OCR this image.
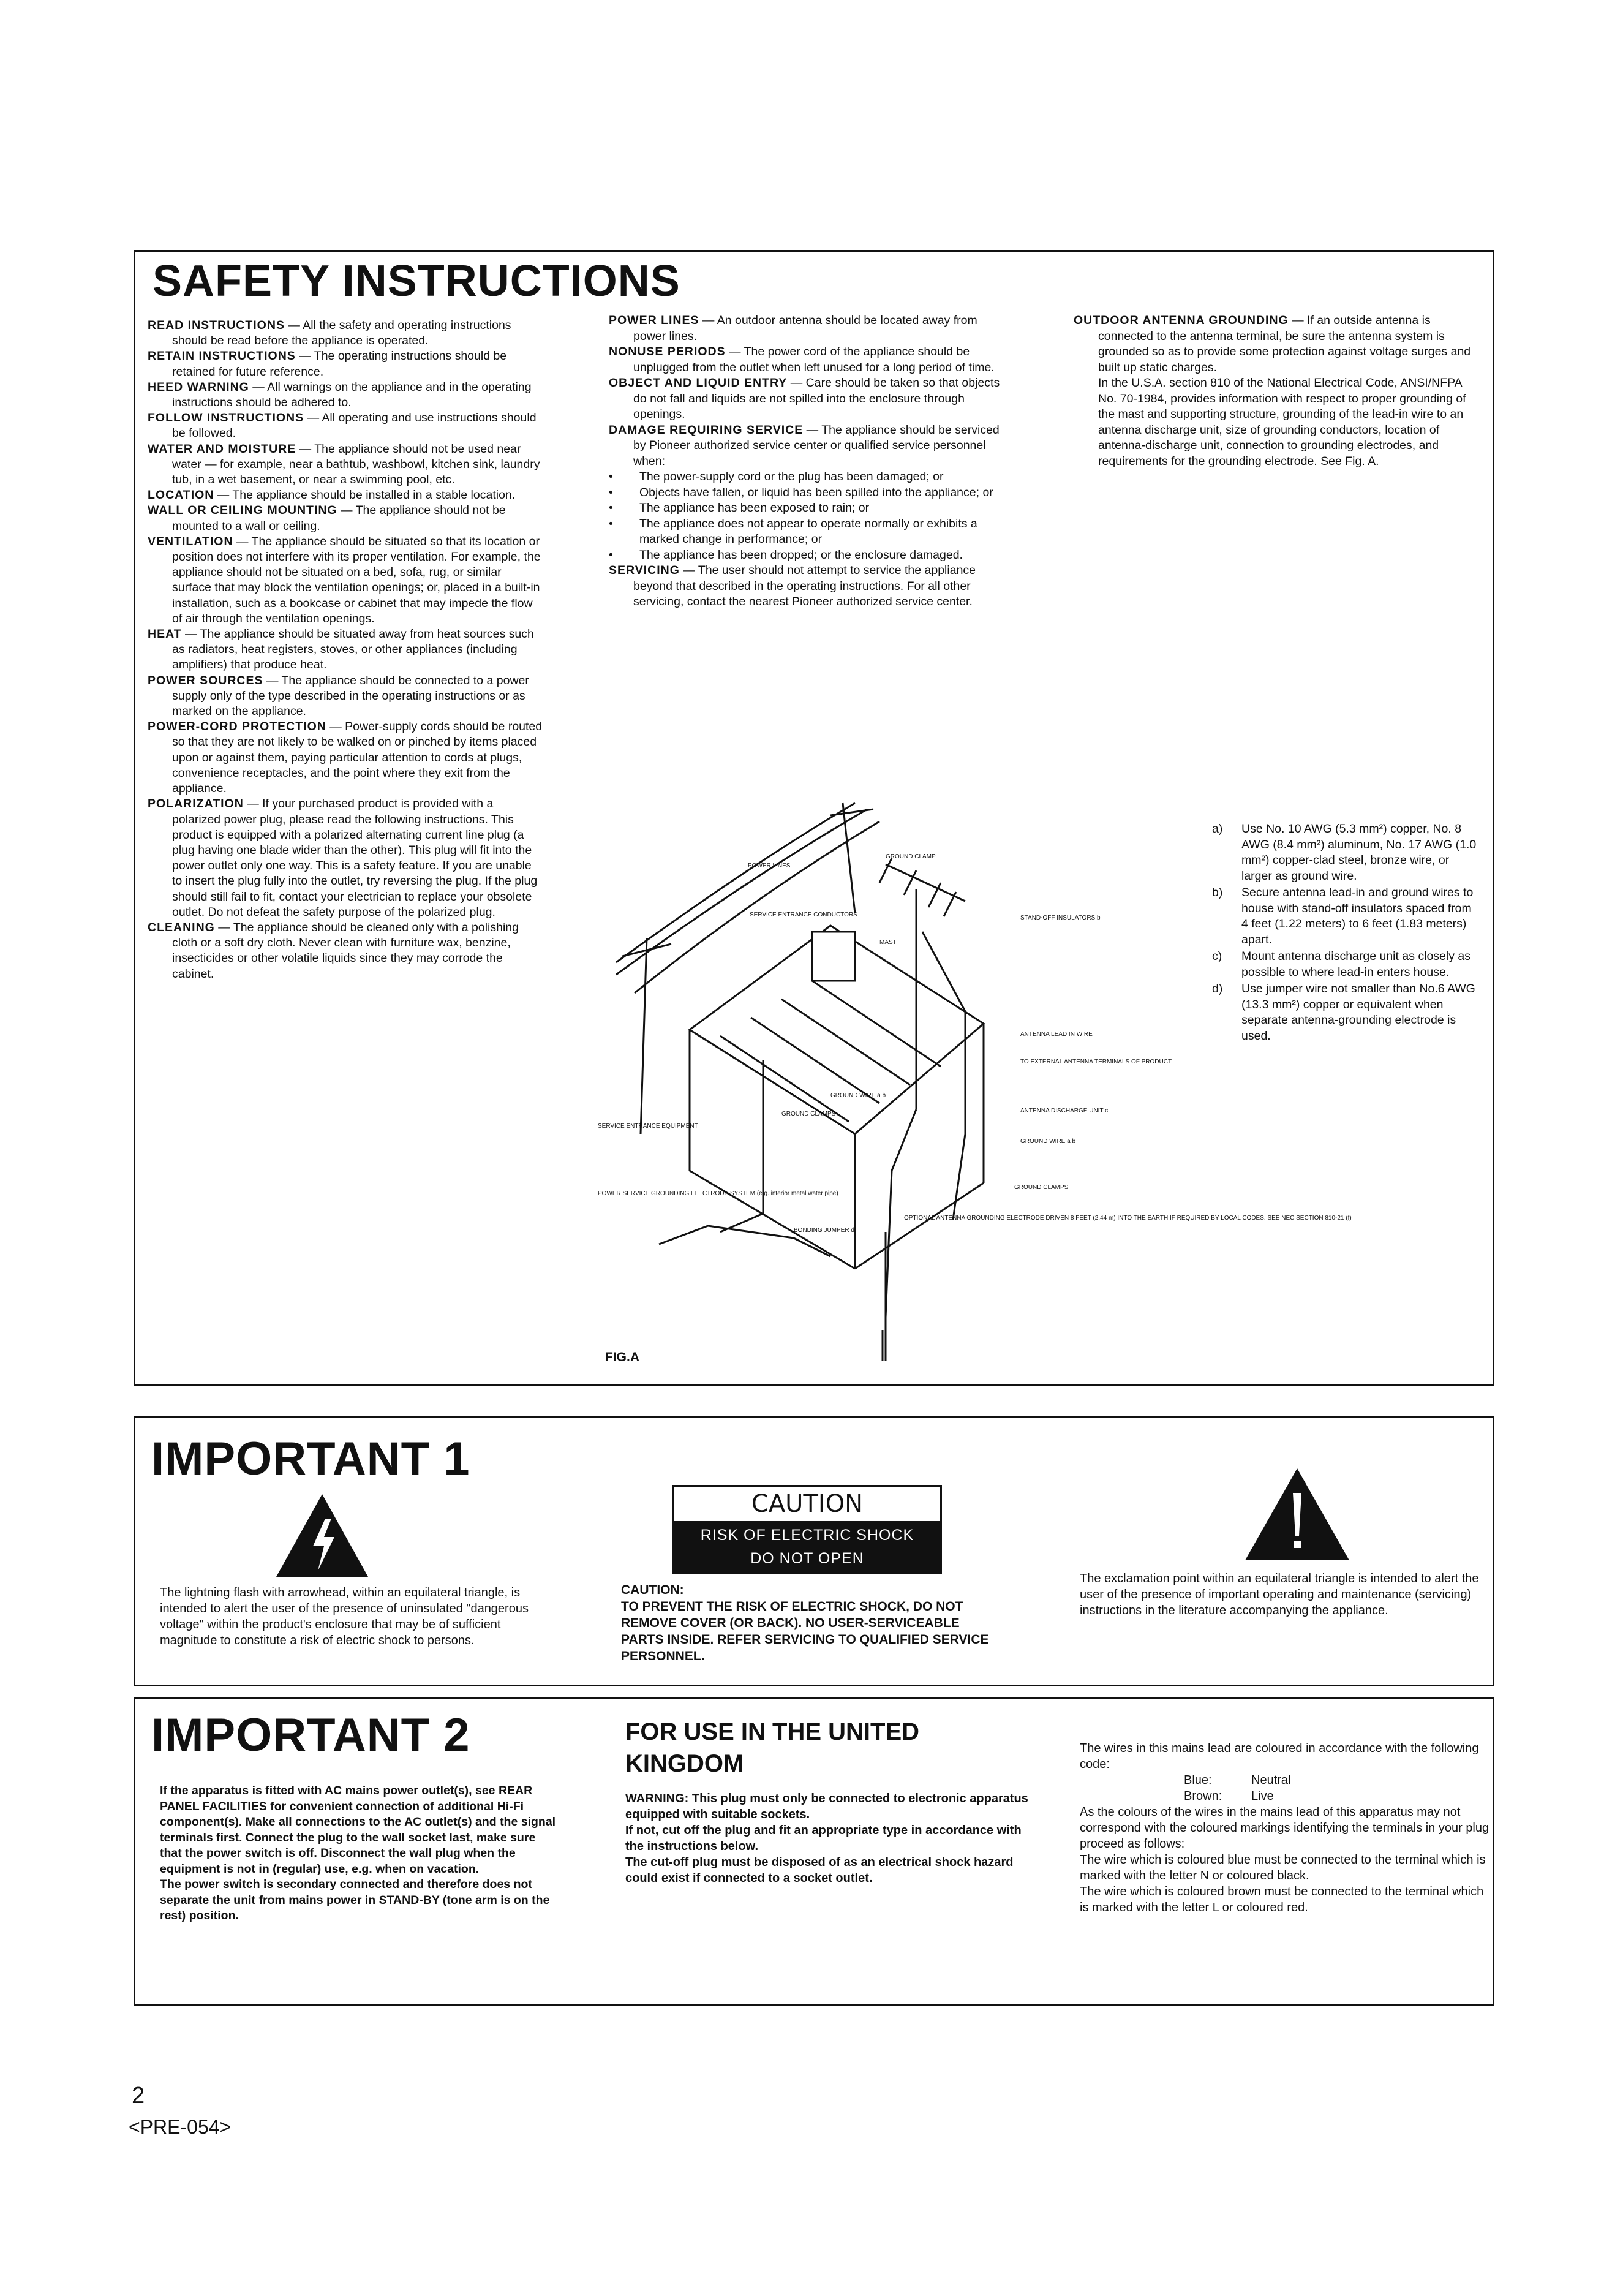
SAFETY INSTRUCTIONS

READ INSTRUCTIONS — All the safety and operating instructions should be read before the appliance is operated.

RETAIN INSTRUCTIONS — The operating instructions should be retained for future reference.

HEED WARNING — All warnings on the appliance and in the operating instructions should be adhered to.

FOLLOW INSTRUCTIONS — All operating and use instructions should be followed.

WATER AND MOISTURE — The appliance should not be used near water — for example, near a bathtub, washbowl, kitchen sink, laundry tub, in a wet basement, or near a swimming pool, etc.

LOCATION — The appliance should be installed in a stable location.

WALL OR CEILING MOUNTING — The appliance should not be mounted to a wall or ceiling.

VENTILATION — The appliance should be situated so that its location or position does not interfere with its proper ventilation. For example, the appliance should not be situated on a bed, sofa, rug, or similar surface that may block the ventilation openings; or, placed in a built-in installation, such as a bookcase or cabinet that may impede the flow of air through the ventilation openings.

HEAT — The appliance should be situated away from heat sources such as radiators, heat registers, stoves, or other appliances (including amplifiers) that produce heat.

POWER SOURCES — The appliance should be connected to a power supply only of the type described in the operating instructions or as marked on the appliance.

POWER-CORD PROTECTION — Power-supply cords should be routed so that they are not likely to be walked on or pinched by items placed upon or against them, paying particular attention to cords at plugs, convenience receptacles, and the point where they exit from the appliance.

POLARIZATION — If your purchased product is provided with a polarized power plug, please read the following instructions. This product is equipped with a polarized alternating current line plug (a plug having one blade wider than the other). This plug will fit into the power outlet only one way. This is a safety feature. If you are unable to insert the plug fully into the outlet, try reversing the plug. If the plug should still fail to fit, contact your electrician to replace your obsolete outlet. Do not defeat the safety purpose of the polarized plug.

CLEANING — The appliance should be cleaned only with a polishing cloth or a soft dry cloth. Never clean with furniture wax, benzine, insecticides or other volatile liquids since they may corrode the cabinet.

POWER LINES — An outdoor antenna should be located away from power lines.

NONUSE PERIODS — The power cord of the appliance should be unplugged from the outlet when left unused for a long period of time.

OBJECT AND LIQUID ENTRY — Care should be taken so that objects do not fall and liquids are not spilled into the enclosure through openings.

DAMAGE REQUIRING SERVICE — The appliance should be serviced by Pioneer authorized service center or qualified service personnel when:

•	The power-supply cord or the plug has been damaged; or
•	Objects have fallen, or liquid has been spilled into the appliance; or
•	The appliance has been exposed to rain; or
•	The appliance does not appear to operate normally or exhibits a marked change in performance; or
•	The appliance has been dropped; or the enclosure damaged.

SERVICING — The user should not attempt to service the appliance beyond that described in the operating instructions. For all other servicing, contact the nearest Pioneer authorized service center.

OUTDOOR ANTENNA GROUNDING — If an outside antenna is connected to the antenna terminal, be sure the antenna system is grounded so as to provide some protection against voltage surges and built up static charges.

In the U.S.A. section 810 of the National Electrical Code, ANSI/NFPA No. 70-1984, provides information with respect to proper grounding of the mast and supporting structure, grounding of the lead-in wire to an antenna discharge unit, size of grounding conductors, location of antenna-discharge unit, connection to grounding electrodes, and requirements for the grounding electrode. See Fig. A.

a)	Use No. 10 AWG (5.3 mm²) copper, No. 8 AWG (8.4 mm²) aluminum, No. 17 AWG (1.0 mm²) copper-clad steel, bronze wire, or larger as ground wire.
b)	Secure antenna lead-in and ground wires to house with stand-off insulators spaced from 4 feet (1.22 meters) to 6 feet (1.83 meters) apart.
c)	Mount antenna discharge unit as closely as possible to where lead-in enters house.
d)	Use jumper wire not smaller than No.6 AWG (13.3 mm²) copper or equivalent when separate antenna-grounding electrode is used.
POWER LINES
GROUND CLAMP
SERVICE ENTRANCE CONDUCTORS
MAST
STAND-OFF INSULATORS b
ANTENNA LEAD IN WIRE
TO EXTERNAL ANTENNA TERMINALS OF PRODUCT
ANTENNA DISCHARGE UNIT c
GROUND WIRE a b
GROUND CLAMPS
SERVICE ENTRANCE EQUIPMENT
GROUND WIRE a b
GROUND CLAMPS
POWER SERVICE GROUNDING ELECTRODE SYSTEM (e.g. interior metal water pipe)
BONDING JUMPER d
OPTIONAL ANTENNA GROUNDING ELECTRODE DRIVEN 8 FEET (2.44 m) INTO THE EARTH IF REQUIRED BY LOCAL CODES. SEE NEC SECTION 810-21 (f)
FIG.A
IMPORTANT 1
The lightning flash with arrowhead, within an equilateral triangle, is intended to alert the user of the presence of uninsulated "dangerous voltage" within the product's enclosure that may be of sufficient magnitude to constitute a risk of electric shock to persons.
CAUTION
RISK OF ELECTRIC SHOCK
DO NOT OPEN
CAUTION:
TO PREVENT THE RISK OF ELECTRIC SHOCK, DO NOT REMOVE COVER (OR BACK). NO USER-SERVICEABLE PARTS INSIDE. REFER SERVICING TO QUALIFIED SERVICE PERSONNEL.
The exclamation point within an equilateral triangle is intended to alert the user of the presence of important operating and maintenance (servicing) instructions in the literature accompanying the appliance.
IMPORTANT 2

If the apparatus is fitted with AC mains power outlet(s), see REAR PANEL FACILITIES for convenient connection of additional Hi-Fi component(s). Make all connections to the AC outlet(s) and the signal terminals first. Connect the plug to the wall socket last, make sure that the power switch is off. Disconnect the wall plug when the equipment is not in (regular) use, e.g. when on vacation.

The power switch is secondary connected and therefore does not separate the unit from mains power in STAND-BY (tone arm is on the rest) position.

FOR USE IN THE UNITED KINGDOM

WARNING: This plug must only be connected to electronic apparatus equipped with suitable sockets.

If not, cut off the plug and fit an appropriate type in accordance with the instructions below.

The cut-off plug must be disposed of as an electrical shock hazard could exist if connected to a socket outlet.

The wires in this mains lead are coloured in accordance with the following code:

Blue:	Neutral
Brown:	Live

As the colours of the wires in the mains lead of this apparatus may not correspond with the coloured markings identifying the terminals in your plug proceed as follows:

The wire which is coloured blue must be connected to the terminal which is marked with the letter N or coloured black.

The wire which is coloured brown must be connected to the terminal which is marked with the letter L or coloured red.

2
<PRE-054>
